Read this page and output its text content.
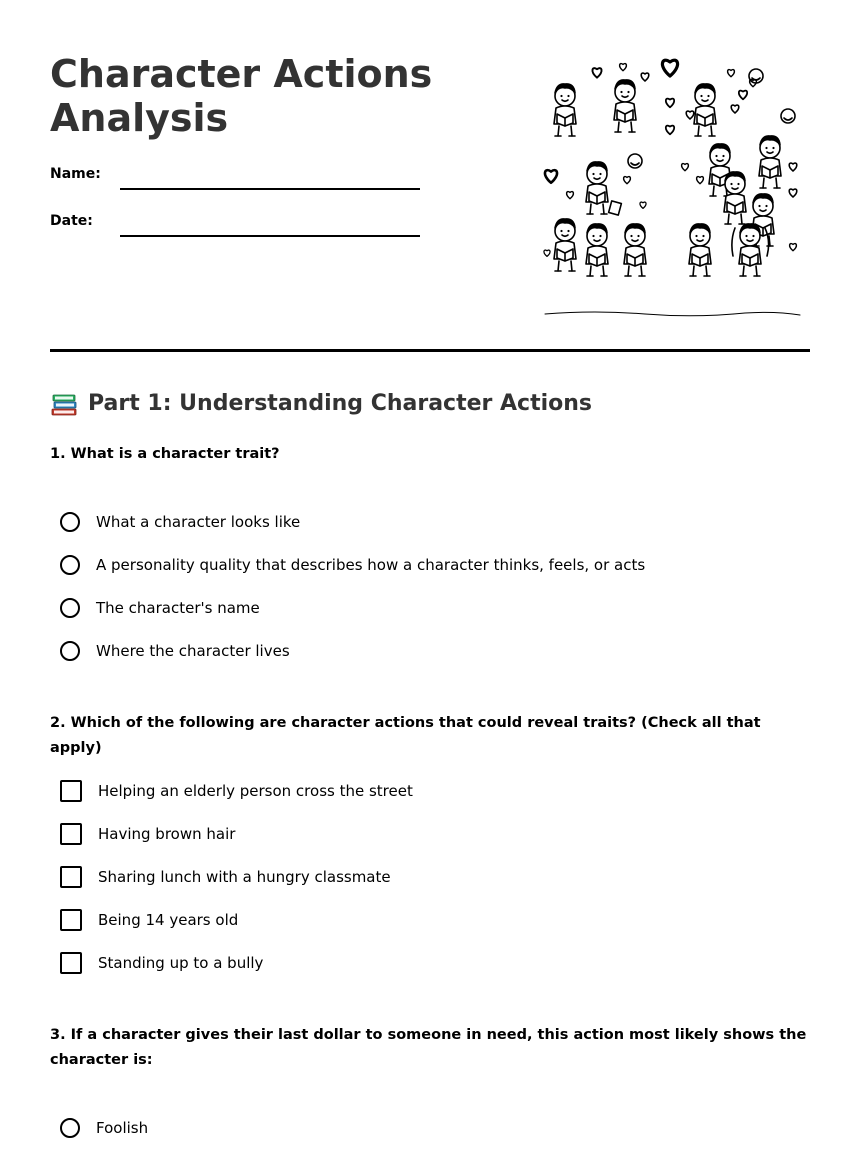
Character Actions Analysis
Name:
Date:
Part 1: Understanding Character Actions

1. What is a character trait?

What a character looks like
A personality quality that describes how a character thinks, feels, or acts
The character's name
Where the character lives

2. Which of the following are character actions that could reveal traits? (Check all that apply)

Helping an elderly person cross the street
Having brown hair
Sharing lunch with a hungry classmate
Being 14 years old
Standing up to a bully

3. If a character gives their last dollar to someone in need, this action most likely shows the character is:

Foolish
